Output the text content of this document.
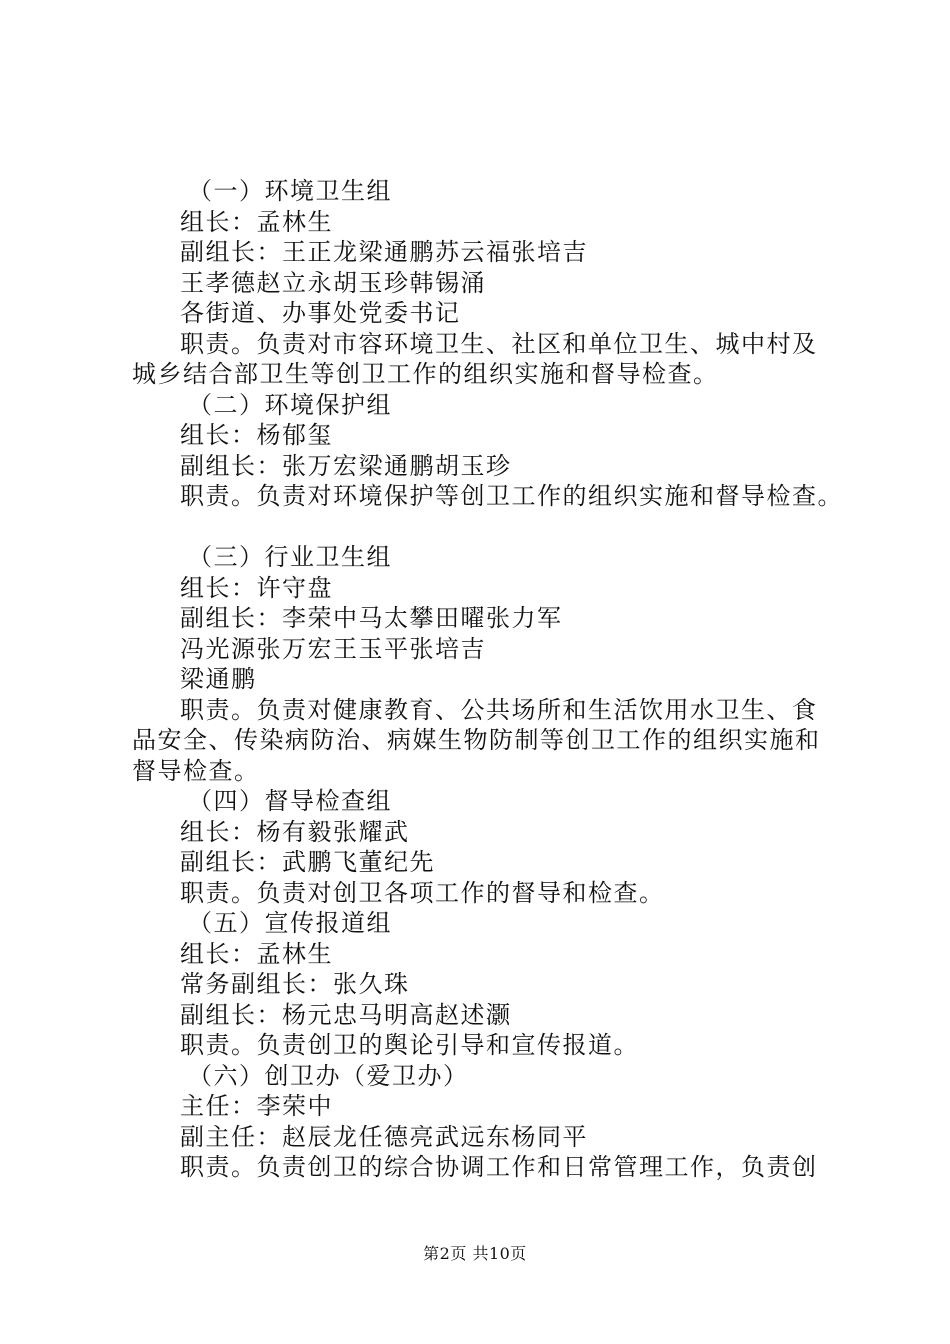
（一）环境卫生组
组长：孟林生
副组长：王正龙梁通鹏苏云福张培吉
王孝德赵立永胡玉珍韩锡涌
各街道、办事处党委书记
职责。负责对市容环境卫生、社区和单位卫生、城中村及
城乡结合部卫生等创卫工作的组织实施和督导检查。
（二）环境保护组
组长：杨郁玺
副组长：张万宏梁通鹏胡玉珍
职责。负责对环境保护等创卫工作的组织实施和督导检查。
（三）行业卫生组
组长：许守盘
副组长：李荣中马太攀田曜张力军
冯光源张万宏王玉平张培吉
梁通鹏
职责。负责对健康教育、公共场所和生活饮用水卫生、食
品安全、传染病防治、病媒生物防制等创卫工作的组织实施和
督导检查。
（四）督导检查组
组长：杨有毅张耀武
副组长：武鹏飞董纪先
职责。负责对创卫各项工作的督导和检查。
（五）宣传报道组
组长：孟林生
常务副组长：张久珠
副组长：杨元忠马明高赵述灏
职责。负责创卫的舆论引导和宣传报道。
（六）创卫办（爱卫办）
主任：李荣中
副主任：赵辰龙任德亮武远东杨同平
职责。负责创卫的综合协调工作和日常管理工作，负责创
第2页 共10页
